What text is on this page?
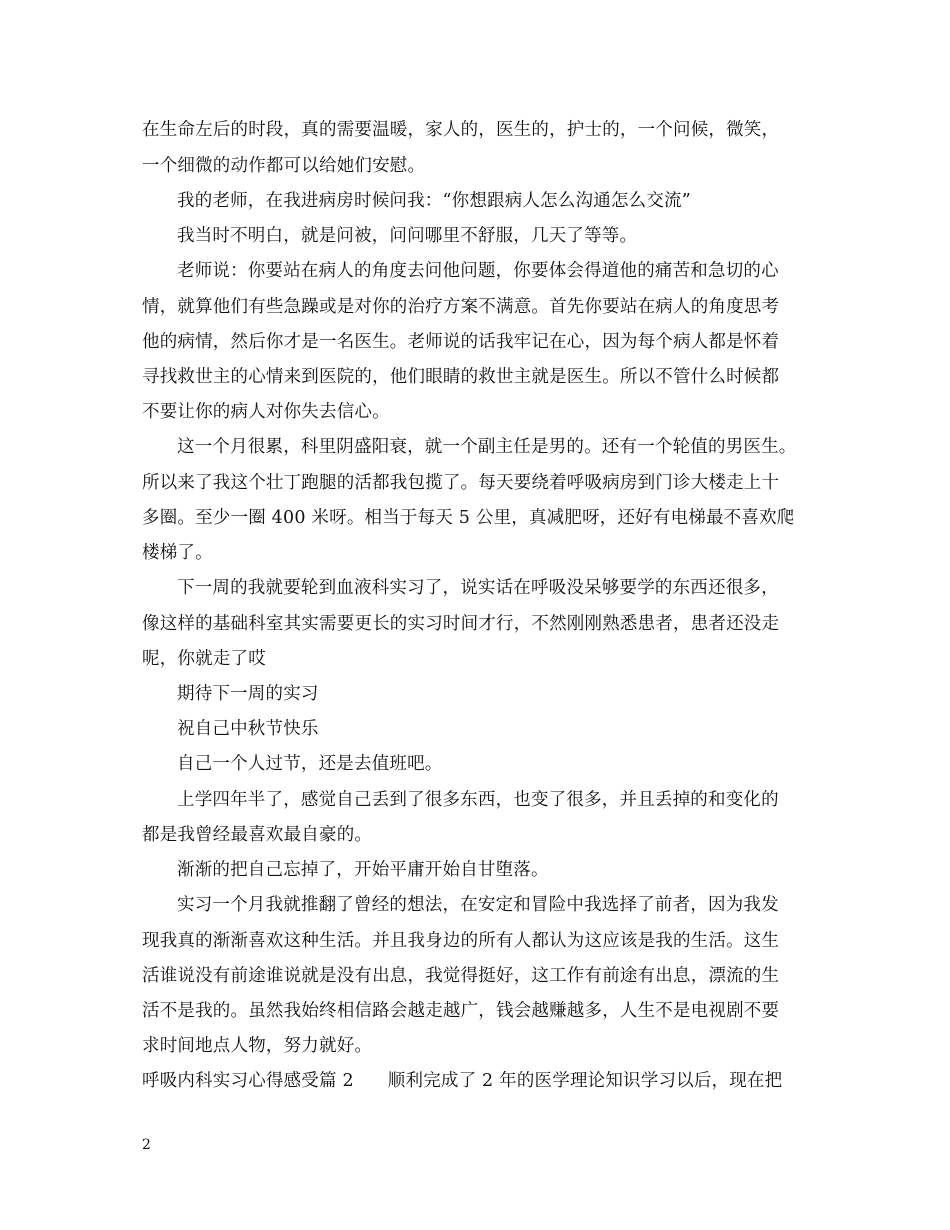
在生命左后的时段，真的需要温暖，家人的，医生的，护士的，一个问候，微笑，
一个细微的动作都可以给她们安慰。
我的老师，在我进病房时候问我：“你想跟病人怎么沟通怎么交流”
我当时不明白，就是问被，问问哪里不舒服，几天了等等。
老师说：你要站在病人的角度去问他问题，你要体会得道他的痛苦和急切的心
情，就算他们有些急躁或是对你的治疗方案不满意。首先你要站在病人的角度思考
他的病情，然后你才是一名医生。老师说的话我牢记在心，因为每个病人都是怀着
寻找救世主的心情来到医院的，他们眼睛的救世主就是医生。所以不管什么时候都
不要让你的病人对你失去信心。
这一个月很累，科里阴盛阳衰，就一个副主任是男的。还有一个轮值的男医生。
所以来了我这个壮丁跑腿的活都我包揽了。每天要绕着呼吸病房到门诊大楼走上十
多圈。至少一圈 400 米呀。相当于每天 5 公里，真减肥呀，还好有电梯最不喜欢爬
楼梯了。
下一周的我就要轮到血液科实习了，说实话在呼吸没呆够要学的东西还很多，
像这样的基础科室其实需要更长的实习时间才行，不然刚刚熟悉患者，患者还没走
呢，你就走了哎
期待下一周的实习
祝自己中秋节快乐
自己一个人过节，还是去值班吧。
上学四年半了，感觉自己丢到了很多东西，也变了很多，并且丢掉的和变化的
都是我曾经最喜欢最自豪的。
渐渐的把自己忘掉了，开始平庸开始自甘堕落。
实习一个月我就推翻了曾经的想法，在安定和冒险中我选择了前者，因为我发
现我真的渐渐喜欢这种生活。并且我身边的所有人都认为这应该是我的生活。这生
活谁说没有前途谁说就是没有出息，我觉得挺好，这工作有前途有出息，漂流的生
活不是我的。虽然我始终相信路会越走越广，钱会越赚越多，人生不是电视剧不要
求时间地点人物，努力就好。
呼吸内科实习心得感受篇 2 顺利完成了 2 年的医学理论知识学习以后，现在把
2
